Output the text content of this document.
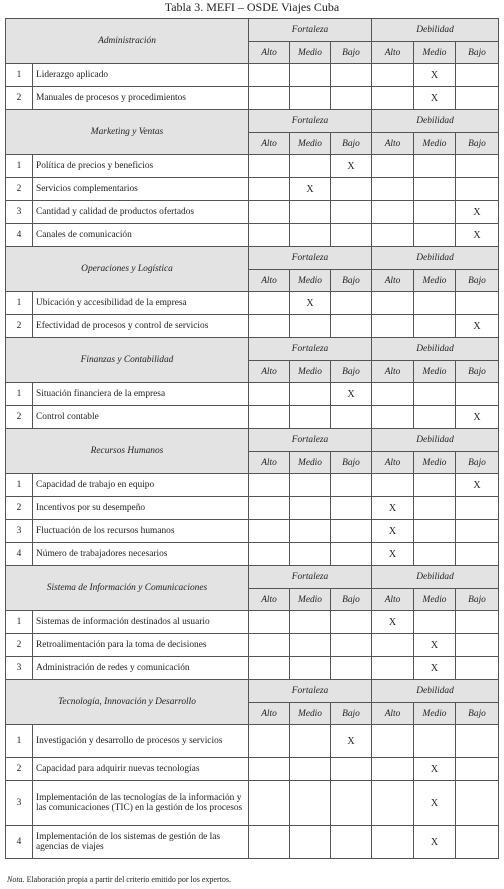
Tabla 3. MEFI – OSDE Viajes Cuba
Administración		Fortaleza			Debilidad		
		Alto	Medio	Bajo	Alto	Medio	Bajo
1	Liderazgo aplicado					X	
2	Manuales de procesos y procedimientos					X	
Marketing y Ventas		Fortaleza			Debilidad		
		Alto	Medio	Bajo	Alto	Medio	Bajo
1	Política de precios y beneficios			X			
2	Servicios complementarios		X				
3	Cantidad y calidad de productos ofertados						X
4	Canales de comunicación						X
Operaciones y Logística		Fortaleza			Debilidad		
		Alto	Medio	Bajo	Alto	Medio	Bajo
1	Ubicación y accesibilidad de la empresa		X				
2	Efectividad de procesos y control de servicios						X
Finanzas y Contabilidad		Fortaleza			Debilidad		
		Alto	Medio	Bajo	Alto	Medio	Bajo
1	Situación financiera de la empresa			X			
2	Control contable						X
Recursos Humanos		Fortaleza			Debilidad		
		Alto	Medio	Bajo	Alto	Medio	Bajo
1	Capacidad de trabajo en equipo						X
2	Incentivos por su desempeño				X		
3	Fluctuación de los recursos humanos				X		
4	Número de trabajadores necesarios				X		
Sistema de Información y Comunicaciones		Fortaleza			Debilidad		
		Alto	Medio	Bajo	Alto	Medio	Bajo
1	Sistemas de información destinados al usuario				X		
2	Retroalimentación para la toma de decisiones					X	
3	Administración de redes y comunicación					X	
Tecnología, Innovación y Desarrollo		Fortaleza			Debilidad		
		Alto	Medio	Bajo	Alto	Medio	Bajo
1	Investigación y desarrollo de procesos y servicios			X			
2	Capacidad para adquirir nuevas tecnologías					X	
3	Implementación de las tecnologías de la información y las comunicaciones (TIC) en la gestión de los procesos					X	
4	Implementación de los sistemas de gestión de las agencias de viajes					X	
Nota. Elaboración propia a partir del criterio emitido por los expertos.
